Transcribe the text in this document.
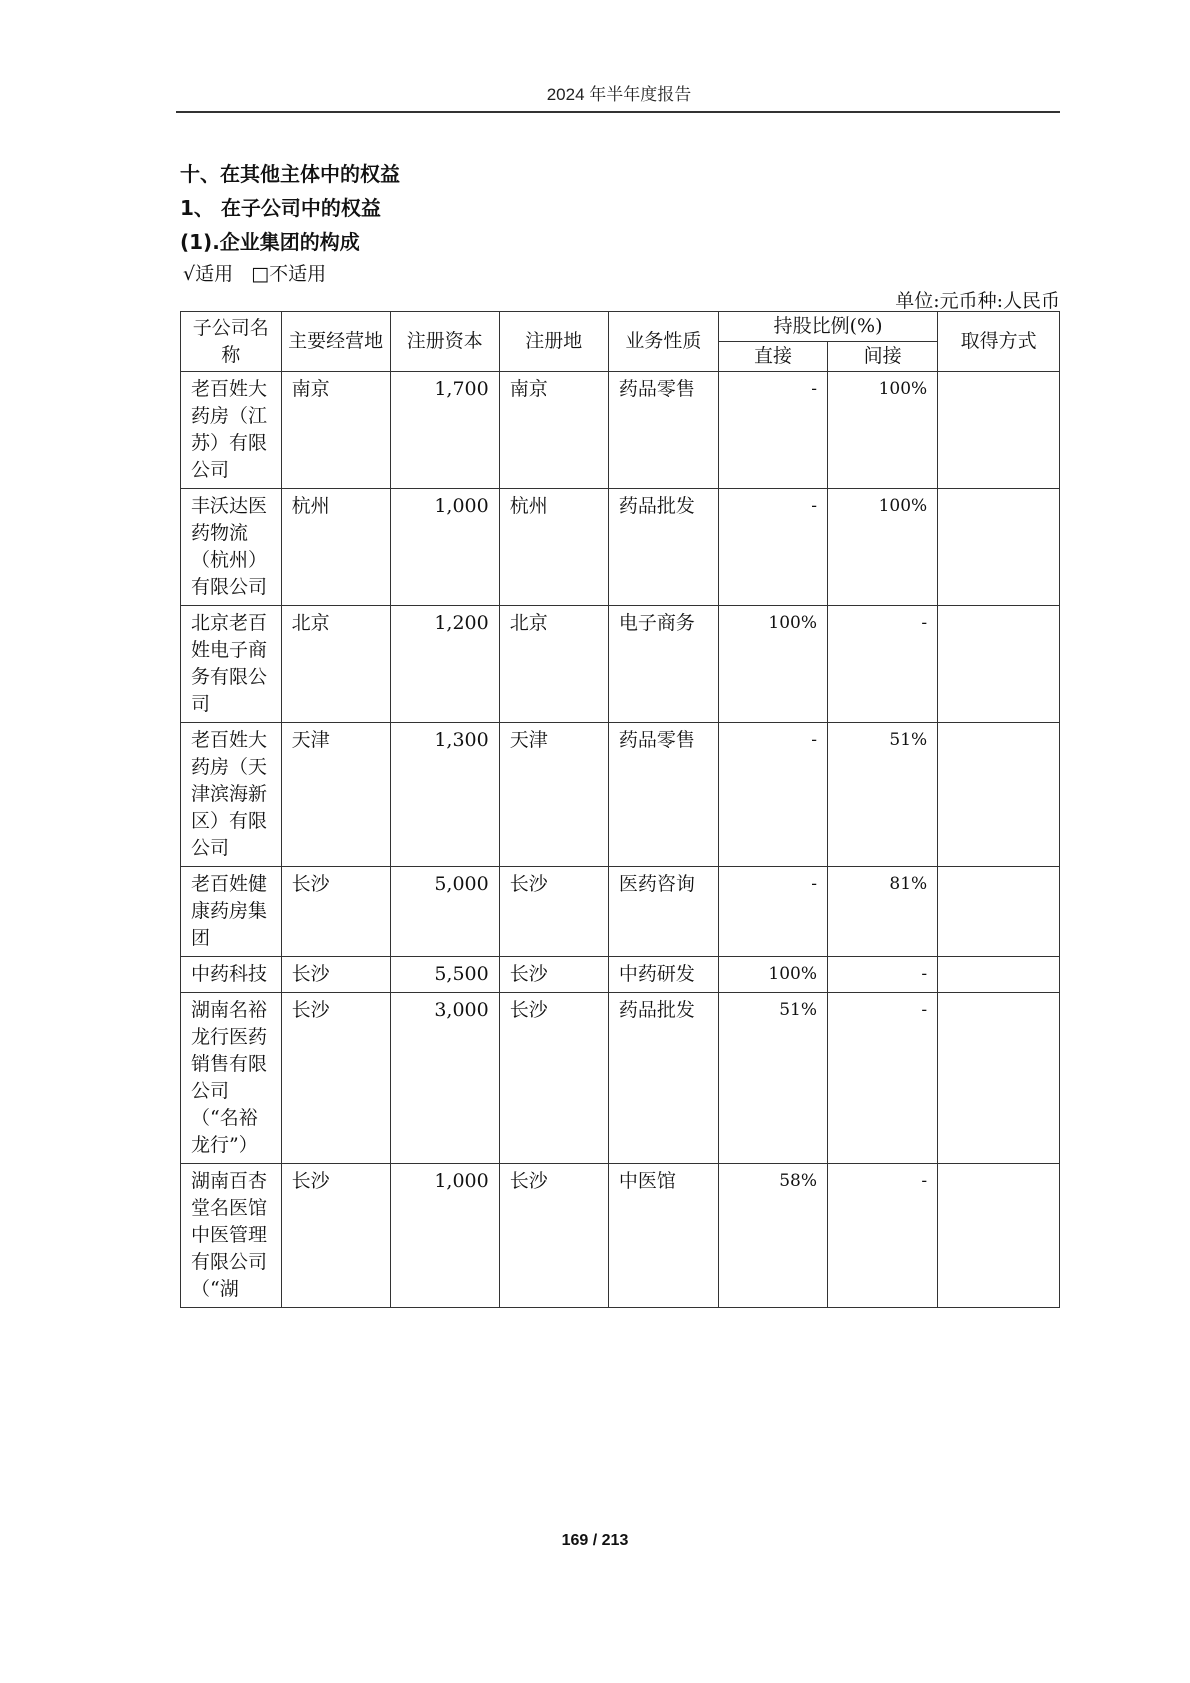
2024 年半年度报告
十、在其他主体中的权益
1、 在子公司中的权益
(1).企业集团的构成
√适用 □不适用
单位:元币种:人民币
子公司名称	主要经营地	注册资本	注册地	业务性质	持股比例(%)		取得方式
					直接	间接	
老百姓大药房（江苏）有限公司	南京	1,700	南京	药品零售	-	100%	
丰沃达医药物流（杭州）有限公司	杭州	1,000	杭州	药品批发	-	100%	
北京老百姓电子商务有限公司	北京	1,200	北京	电子商务	100%	-	
老百姓大药房（天津滨海新区）有限公司	天津	1,300	天津	药品零售	-	51%	
老百姓健康药房集团	长沙	5,000	长沙	医药咨询	-	81%	
中药科技	长沙	5,500	长沙	中药研发	100%	-	
湖南名裕龙行医药销售有限公司（“名裕龙行”）	长沙	3,000	长沙	药品批发	51%	-	
湖南百杏堂名医馆中医管理有限公司（“湖	长沙	1,000	长沙	中医馆	58%	-	
169 / 213
